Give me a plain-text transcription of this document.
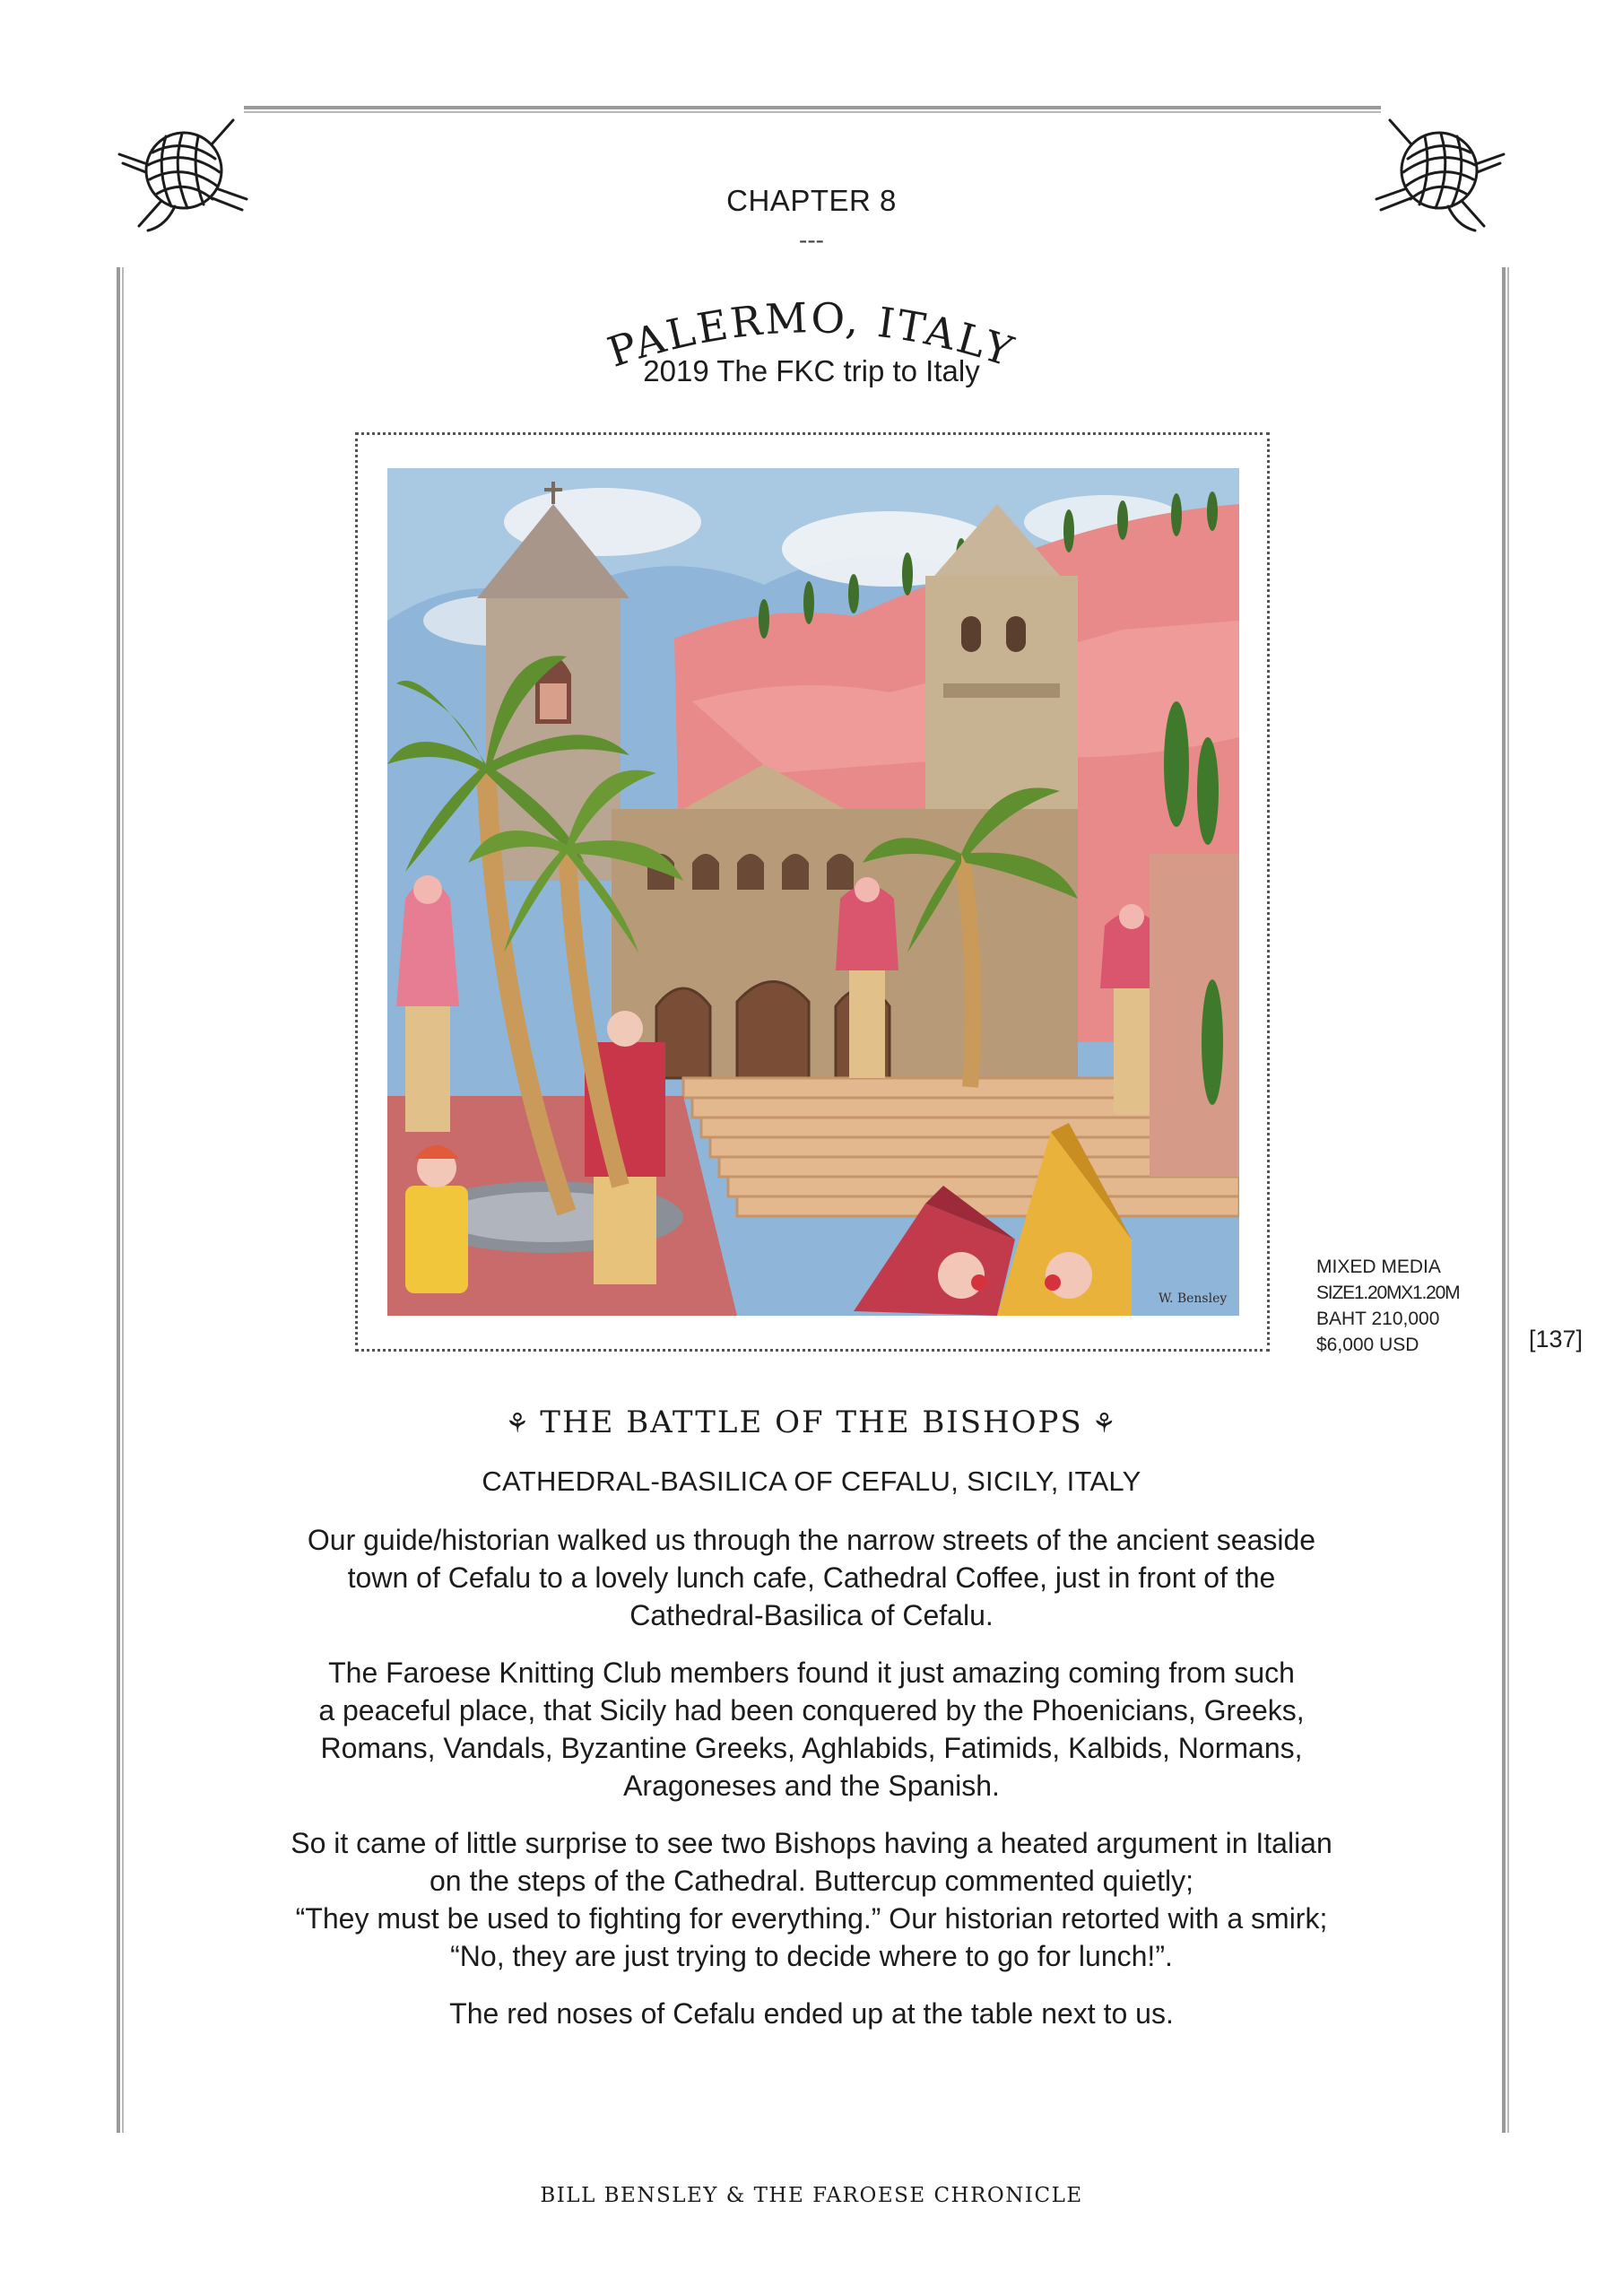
CHAPTER 8
---
PALERMO, ITALY
2019 The FKC trip to Italy
W. Bensley
MIXED MEDIA
SIZE1.20MX1.20M
BAHT 210,000
$6,000 USD	[137]
⚘ THE BATTLE OF THE BISHOPS ⚘
CATHEDRAL-BASILICA OF CEFALU, SICILY, ITALY

Our guide/historian walked us through the narrow streets of the ancient seaside
town of Cefalu to a lovely lunch cafe, Cathedral Coffee, just in front of the
Cathedral-Basilica of Cefalu.

The Faroese Knitting Club members found it just amazing coming from such
a peaceful place, that Sicily had been conquered by the Phoenicians, Greeks,
Romans, Vandals, Byzantine Greeks, Aghlabids, Fatimids, Kalbids, Normans,
Aragoneses and the Spanish.

So it came of little surprise to see two Bishops having a heated argument in Italian
on the steps of the Cathedral. Buttercup commented quietly;
“They must be used to fighting for everything.” Our historian retorted with a smirk;
“No, they are just trying to decide where to go for lunch!”.

The red noses of Cefalu ended up at the table next to us.

BILL BENSLEY & THE FAROESE CHRONICLE
